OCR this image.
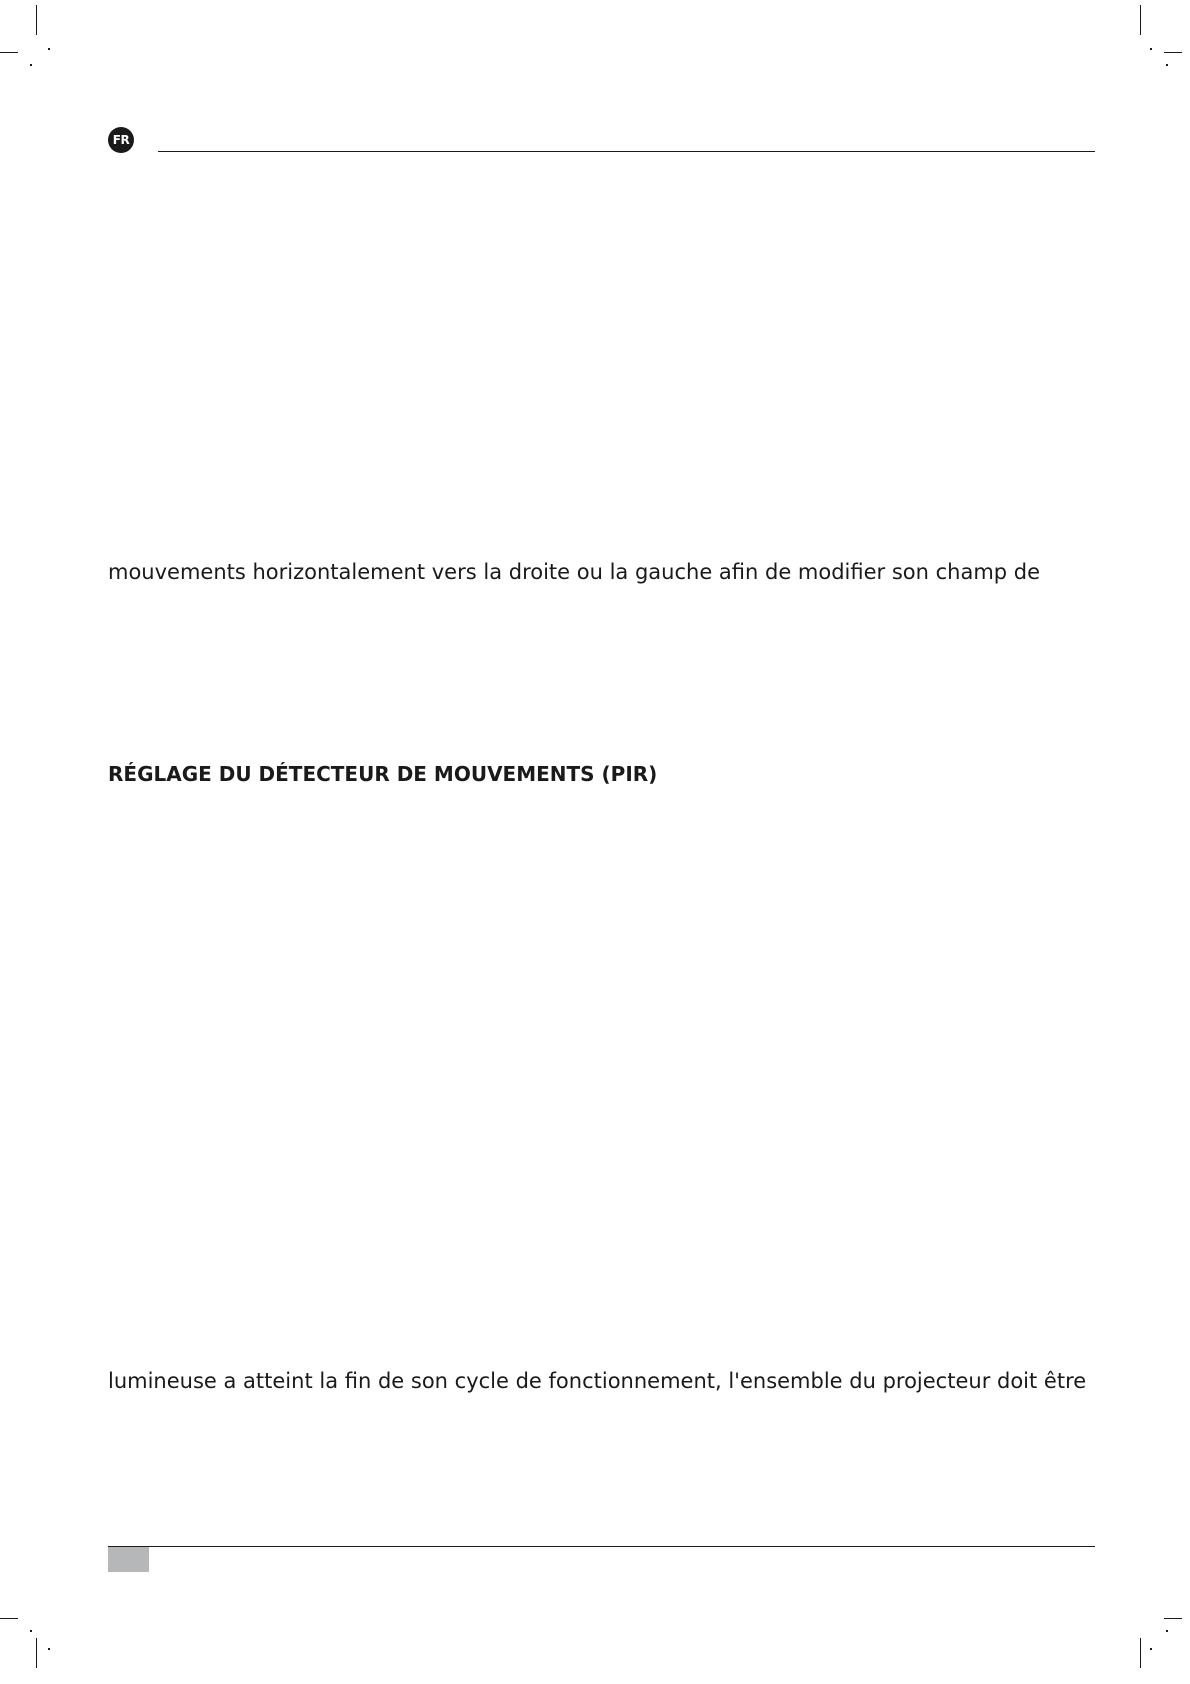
FR
mouvements horizontalement vers la droite ou la gauche afin de modifier son champ de
RÉGLAGE DU DÉTECTEUR DE MOUVEMENTS (PIR)
lumineuse a atteint la fin de son cycle de fonctionnement, l'ensemble du projecteur doit être
